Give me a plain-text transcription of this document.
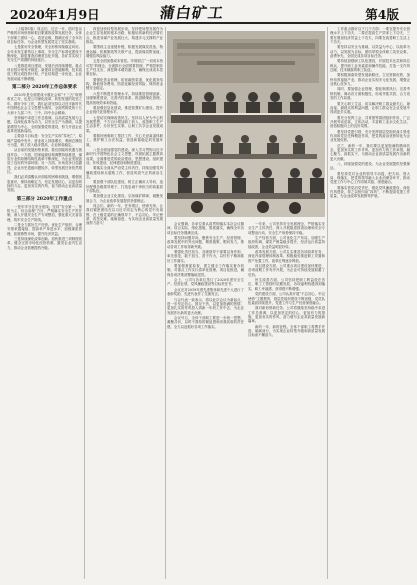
2020年1月9日	蒲白矿工	第4版

（上接第1版）同志们，过去一年，面对复杂严峻的市场形势和艰巨繁重的改革发展任务，全体干部职工团结一心、攻坚克难，圆满完成了全年各项目标任务，为企业转型发展奠定了坚实基础。

七是抓好安全管理，安全形势持续稳定向好。全年未发生重伤以上事故，安全生产标准化建设不断深化，隐患排查治理常态化开展，各矿井实现了安全生产周期的持续延长。

八是推进项目建设，发展后劲持续增强。重点项目按计划有序推进，新建项目进展顺利，技术改造工程完成投资计划，产业结构进一步优化，企业发展动能不断增强。

第二部分 2020年工作总体要求

2020年是全面建成小康社会和“十三五”规划收官之年，也是公司深化改革、转型发展的攻坚之年。做好今年工作，我们必须坚持以习近平新时代中国特色社会主义思想为指导，全面贯彻党的十九大和十九届二中、三中、四中全会精神。

坚持稳中求进工作总基调，以高质量发展为主题，以深化改革为动力，以安全生产为基础，以提质增效为中心，全面加强党的建设，努力开创企业改革发展新局面。

主要奋斗目标是：安全生产实现“零死亡”，原煤产量稳中有升，营业收入持续增长，利润总额扭亏为盈，职工收入稳步提高，企业和谐稳定。

从目前的发展形势来看，我们面临的机遇与挑战并存。一方面，国家能源结构调整持续推进，煤炭行业供给侧结构性改革不断深化，为企业发展创造了良好的外部环境；另一方面，市场竞争日趋激烈，企业历史遗留问题较多，转型发展任务依然艰巨。

我们必须清醒认识面临的困难和挑战，增强忧患意识，保持战略定力，坚定发展信心，以更加昂扬的斗志、更加务实的作风，奋力推动企业高质量发展。

第三部分 2020年工作重点

一是牢牢守住安全底线。坚持“安全第一、预防为主、综合治理”方针，严格落实安全生产责任制，深入开展安全生产专项整治，强化重大灾害治理，筑牢安全生产防线。

二是全力抓好生产经营。优化生产组织，合理安排采掘接续，提高单产单进水平，加强煤质管理，拓展销售市场，提升经济效益。

三是持续深化改革创新。加快推进三项制度改革，健全完善市场化经营机制，激发企业内生活力，推动企业管理提档升级。

四是加快转型发展步伐。坚持把转型发展作为企业生存发展的根本出路，积极培育新的经济增长点，推进非煤产业发展壮大，构建多元支撑的产业格局。

要围绕主业延链补链，积极发展煤炭洗选、物流运输、机械制造等关联产业，提高煤炭附加值，增强抗风险能力。

五是全面加强成本管控。牢固树立“一切成本皆可控”的理念，全面推行全面预算管理，严格控制非生产性支出，深挖降本增效潜力，确保完成成本控制目标。

要强化资金管理，拓宽融资渠道，优化债务结构，降低财务费用，防范化解经营风险，保持资金链安全稳定。

六是不断提升管理水平。持续推进管理创新，加强制度建设，完善内控体系，推进精细化管理，提高管理效率和效能。

要加强信息化建设，推进智慧矿山建设，提升企业现代化管理水平。

七是切实保障改善民生。坚持以人民为中心的发展思想，千方百计增加职工收入，改善职工生产生活条件，办好民生实事，让职工共享企业发展成果。

要做好困难职工帮扶工作，关心关爱离退休职工，维护职工合法权益，营造和谐稳定的发展环境。

八是全面加强党的建设。深入学习贯彻习近平新时代中国特色社会主义思想，巩固拓展主题教育成果，全面推进党的政治建设、思想建设、组织建设、作风建设、纪律建设和制度建设。

要落实全面从严治党主体责任，持续加强党风廉政建设和反腐败工作，营造风清气正的政治生态。

要加强干部队伍建设，树立正确用人导向，选好配强各级领导班子，打造忠诚干净担当的高素质干部队伍。

要加强企业文化建设，弘扬煤矿精神，凝聚发展合力，为企业改革发展提供坚强保证。

同志们，新的一年，任务艰巨，使命光荣。让我们紧密团结在以习近平同志为核心的党中央周围，在上级党委的正确领导下，不忘初心、牢记使命，攻坚克难、砥砺奋进，为实现企业高质量发展而努力奋斗！	会议强调，各单位要认真贯彻落实本次会议精神，结合实际，细化措施，狠抓落实，确保全年各项目标任务圆满完成。

要坚持问题导向，聚焦安全生产、经营管理、改革发展中的突出问题，精准施策，靶向发力，推动各项工作取得新突破。

要强化责任担当，各级领导干部要以身作则、率先垂范，敢于担当、善于作为，以钉钉子精神抓好工作落实。

要加强督促检查，建立健全工作落实督办机制，对重点工作实行清单化管理、项目化推进，确保各项决策部署落地见效。

会上，公司与各单位签订了2020年度安全生产、经营业绩、党风廉政建设等目标责任书。

会议还对2019年度先进集体和先进个人进行了表彰奖励，先进代表作了交流发言。

与会代表一致表示，将以此次会议为新起点，进一步坚定信心、鼓足干劲，以更加饱满的热情、更加扎实的作风投入到新一年的工作中去，为企业发展作出新的更大贡献。

会议号召，全体干部职工要进一步统一思想、凝聚共识，以时不我待的紧迫感和舍我其谁的责任感，全力以赴抓好各项工作落实。

一年来，公司坚持安全发展理念，严格落实安全生产主体责任，深入开展隐患排查治理和安全专项整治行动，安全生产形势保持平稳。

生产经营方面，公司优化生产布局，加强生产组织协调，煤炭产销量稳步提升，经济运行质量持续改善，企业效益明显好转。

改革发展方面，公司扎实推进各项改革任务，深化内部管理体制改革，积极稳妥推进职工安置和资产处置工作，改革红利逐步释放。

项目建设方面，公司重点项目建设加快推进，各项前期工作有序开展，为企业可持续发展积蓄了后劲。

民生改善方面，公司坚持把职工利益放在首位，职工工资按时足额发放，各项福利待遇得到落实，职工幸福感、获得感不断增强。

党的建设方面，公司认真开展“不忘初心、牢记使命”主题教育，基层党组织建设不断加强，党员队伍素质持续提升，党建工作与生产经营深度融合。

面对新形势新任务，公司将继续坚持稳中求进工作总基调，以更加坚定的信心、更加有力的措施、更加务实的作风，奋力谱写企业高质量发展新篇章。

新的一年，新的征程。全体干部职工将携手并进、砥砺前行，为实现企业转型升级和高质量发展目标而不懈奋斗。

工作重点做好以下几个方面：一要在提升安全管理水平上下功夫，二要在提高生产效率上下功夫，三要在增加经济效益上下功夫，四要在改善职工生活上下功夫。

要坚持以安全为基础，以效益为中心，以改革为动力，以发展为目标，团结带领全体职工攻坚克难，奋勇争先，全面完成各项目标任务。

要持续加强职工队伍建设，开展技术比武和岗位练兵，提升职工业务素质和操作技能，打造一支作风过硬、技术精湛的职工队伍。

要积极探索转型发展新路径，立足资源优势，加快培育接续产业，推动企业实现多元化发展，增强企业核心竞争力。

同时，要加强企业管理，强化制度执行，完善考核机制，调动各方面积极性，形成齐抓共管、合力攻坚的工作局面。

要关心职工生活，切实解决职工群众最关心、最直接、最现实的利益问题，让职工群众在企业发展中得到更多实惠。

要充分发挥工会、共青团等群团组织作用，广泛开展劳动竞赛、文体活动，丰富职工业余文化生活，营造积极向上的良好氛围。

要坚持党建引领，充分发挥基层党组织战斗堡垒作用和党员先锋模范作用，把党的政治优势转化为企业发展优势。

总之，新的一年，我们要以更加饱满的精神状态、更加务实的工作作风、更加有力的工作举措，凝心聚力、真抓实干，为推动企业高质量发展作出新的更大贡献。

八、持续加强党的建设，为企业发展提供坚强保证。

要坚持党对企业的领导不动摇，把方向、管大局、保落实，把党的领导融入企业治理各环节，推动党建工作与中心工作同频共振、深度融合。

要落实管党治党责任，强化党风廉政建设，深化作风建设，持之以恒纠治“四风”，不断提高党建工作质量，为企业改革发展保驾护航。
